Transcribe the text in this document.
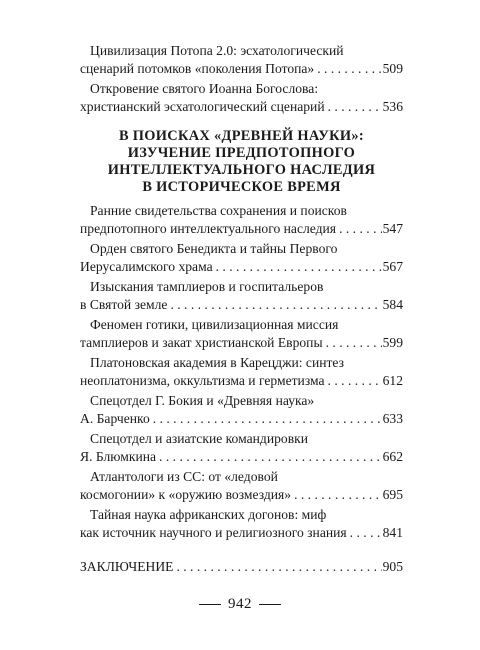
Цивилизация Потопа 2.0: эсхатологический
сценарий потомков «поколения Потопа» . . .	509
Откровение святого Иоанна Богослова:
христианский эсхатологический сценарий . . .	536
В ПОИСКАХ «ДРЕВНЕЙ НАУКИ»:
ИЗУЧЕНИЕ ПРЕДПОТОПНОГО
ИНТЕЛЛЕКТУАЛЬНОГО НАСЛЕДИЯ
В ИСТОРИЧЕСКОЕ ВРЕМЯ
Ранние свидетельства сохранения и поисков
предпотопного интеллектуального наследия . . .	547
Орден святого Бенедикта и тайны Первого
Иерусалимского храма . . .	567
Изыскания тамплиеров и госпитальеров
в Святой земле . . .	584
Феномен готики, цивилизационная миссия
тамплиеров и закат христианской Европы . . .	599
Платоновская академия в Карецджи: синтез
неоплатонизма, оккультизма и герметизма . . .	612
Спецотдел Г. Бокия и «Древняя наука»
А. Барченко . . .	633
Спецотдел и азиатские командировки
Я. Блюмкина . . .	662
Атлантологи из СС: от «ледовой
космогонии» к «оружию возмездия» . . .	695
Тайная наука африканских догонов: миф
как источник научного и религиозного знания . . .	841
ЗАКЛЮЧЕНИЕ . . .	905
942
